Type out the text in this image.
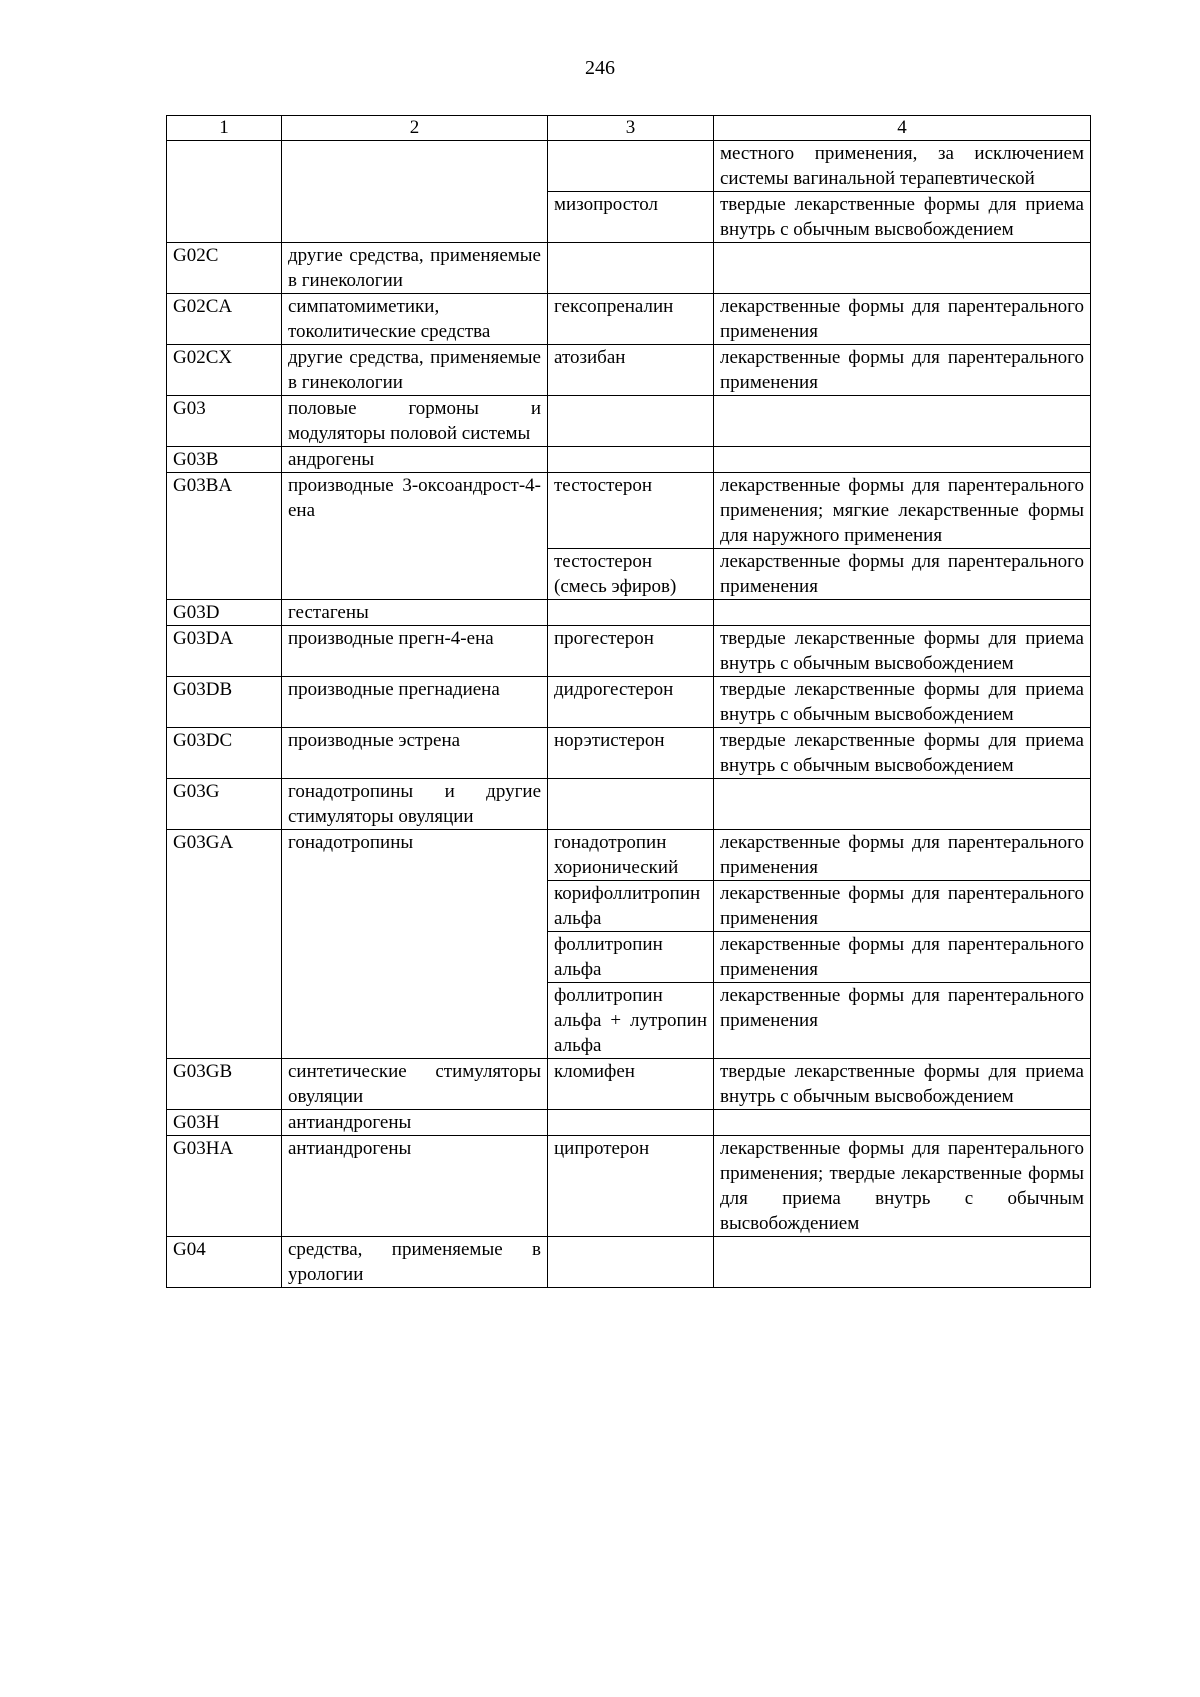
246
1	2	3	4
			местного применения, за исключением системы вагинальной терапевтической
		мизопростол	твердые лекарственные формы для приема внутрь с обычным высвобождением
G02C	другие средства, применяемые в гинекологии		
G02CA	симпатомиметики, токолитические средства	гексопреналин	лекарственные формы для парентерального применения
G02CX	другие средства, применяемые в гинекологии	атозибан	лекарственные формы для парентерального применения
G03	половые гормоны и модуляторы половой системы		
G03B	андрогены		
G03BA	производные 3-оксоандрост-4-ена	тестостерон	лекарственные формы для парентерального применения; мягкие лекарственные формы для наружного применения
		тестостерон (смесь эфиров)	лекарственные формы для парентерального применения
G03D	гестагены		
G03DA	производные прегн-4-ена	прогестерон	твердые лекарственные формы для приема внутрь с обычным высвобождением
G03DB	производные прегнадиена	дидрогестерон	твердые лекарственные формы для приема внутрь с обычным высвобождением
G03DC	производные эстрена	норэтистерон	твердые лекарственные формы для приема внутрь с обычным высвобождением
G03G	гонадотропины и другие стимуляторы овуляции		
G03GA	гонадотропины	гонадотропин хорионический	лекарственные формы для парентерального применения
		корифоллитропин альфа	лекарственные формы для парентерального применения
		фоллитропин альфа	лекарственные формы для парентерального применения
		фоллитропин альфа + лутропин альфа	лекарственные формы для парентерального применения
G03GB	синтетические стимуляторы овуляции	кломифен	твердые лекарственные формы для приема внутрь с обычным высвобождением
G03H	антиандрогены		
G03HA	антиандрогены	ципротерон	лекарственные формы для парентерального применения; твердые лекарственные формы для приема внутрь с обычным высвобождением
G04	средства, применяемые в урологии		
